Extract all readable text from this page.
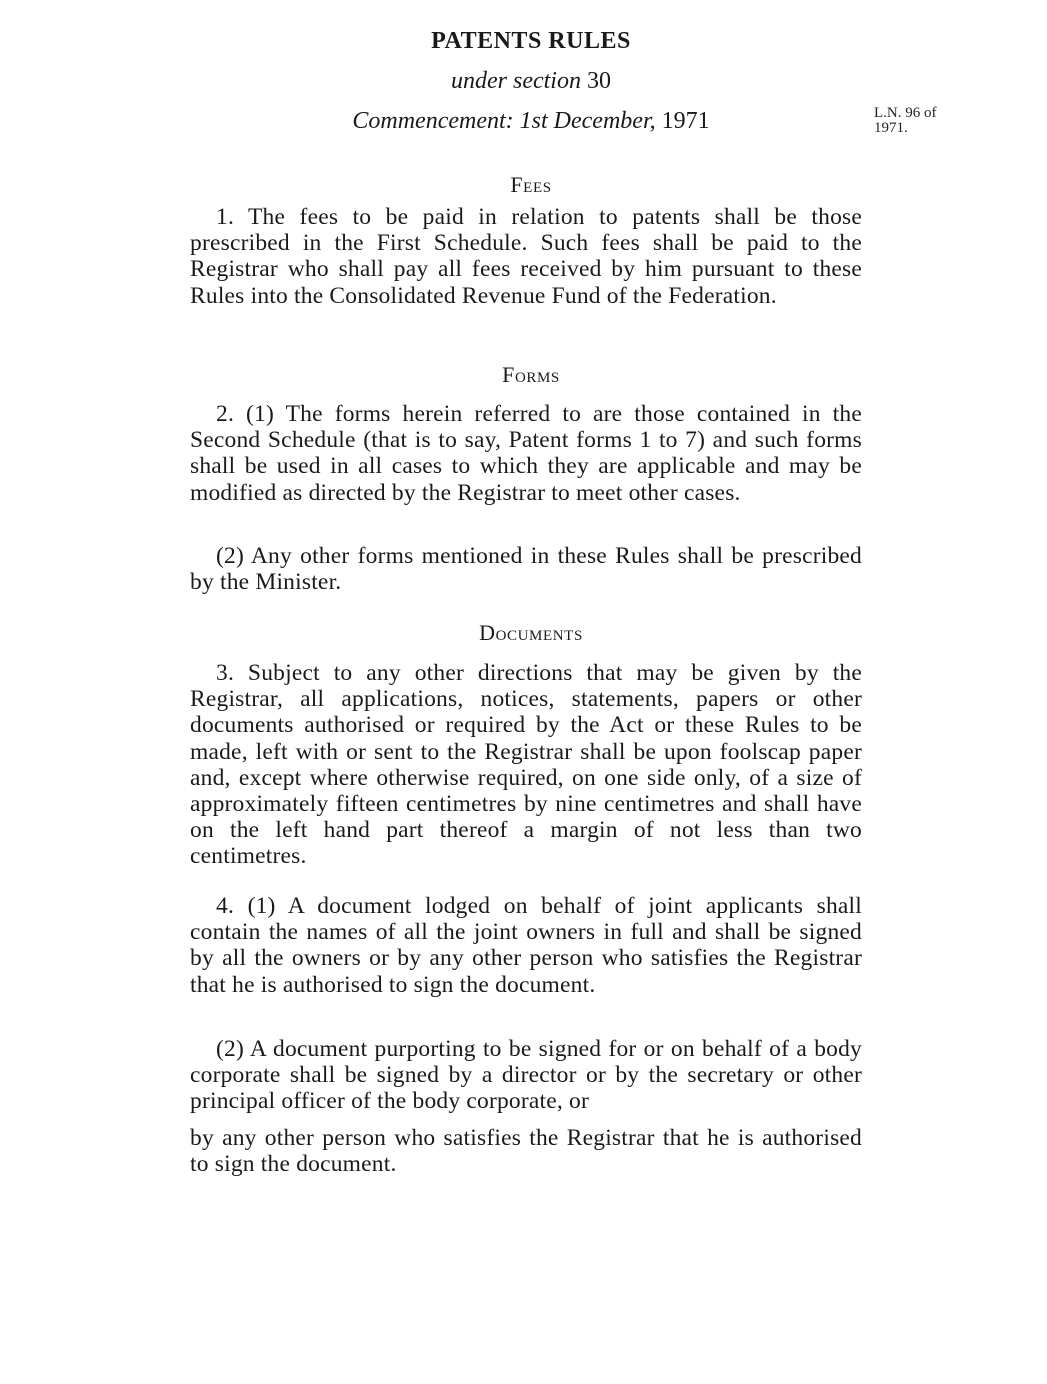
PATENTS RULES
under section 30
Commencement: 1st December, 1971	L.N. 96 of
1971.
Fees
1. The fees to be paid in relation to patents shall be those prescribed in the First Schedule. Such fees shall be paid to the Registrar who shall pay all fees received by him pursuant to these Rules into the Consolidated Revenue Fund of the Federation.
Forms
2. (1) The forms herein referred to are those contained in the Second Schedule (that is to say, Patent forms 1 to 7) and such forms shall be used in all cases to which they are applicable and may be modified as directed by the Registrar to meet other cases.
(2) Any other forms mentioned in these Rules shall be prescribed by the Minister.
Documents
3. Subject to any other directions that may be given by the Registrar, all applications, notices, statements, papers or other documents authorised or required by the Act or these Rules to be made, left with or sent to the Registrar shall be upon foolscap paper and, except where otherwise required, on one side only, of a size of approximately fifteen centimetres by nine centimetres and shall have on the left hand part thereof a margin of not less than two centimetres.
4. (1) A document lodged on behalf of joint applicants shall contain the names of all the joint owners in full and shall be signed by all the owners or by any other person who satisfies the Registrar that he is authorised to sign the document.
(2) A document purporting to be signed for or on behalf of a body corporate shall be signed by a director or by the secretary or other principal officer of the body corporate, or
by any other person who satisfies the Registrar that he is authorised to sign the document.
